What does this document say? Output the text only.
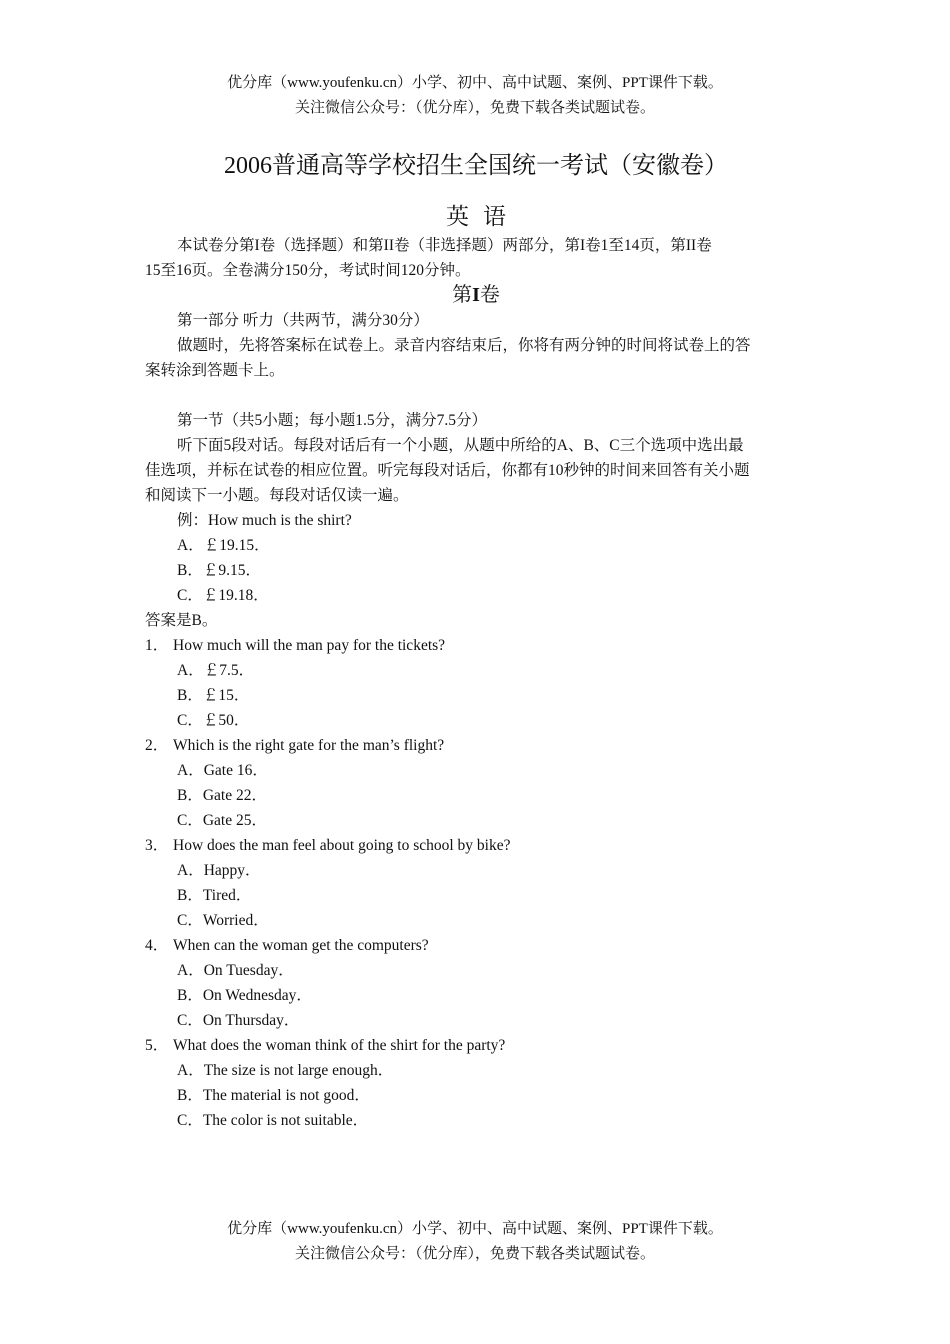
优分库（www.youfenku.cn）小学、初中、高中试题、案例、PPT课件下载。
关注微信公众号：（优分库），免费下载各类试题试卷。
2006普通高等学校招生全国统一考试（安徽卷）
英语
本试卷分第I卷（选择题）和第II卷（非选择题）两部分，第I卷1至14页，第II卷
15至16页。全卷满分150分，考试时间120分钟。
第I卷
第一部分 听力（共两节，满分30分）
做题时，先将答案标在试卷上。录音内容结束后，你将有两分钟的时间将试卷上的答
案转涂到答题卡上。
第一节（共5小题；每小题1.5分，满分7.5分）
听下面5段对话。每段对话后有一个小题，从题中所给的A、B、C三个选项中选出最
佳选项，并标在试卷的相应位置。听完每段对话后，你都有10秒钟的时间来回答有关小题
和阅读下一小题。每段对话仅读一遍。
例：How much is the shirt?
A．￡19.15．
B．￡9.15．
C．￡19.18．
答案是B。
1． How much will the man pay for the tickets?
A．￡7.5．
B．￡15．
C．￡50．
2． Which is the right gate for the man’s flight?
A．Gate 16．
B．Gate 22．
C．Gate 25．
3． How does the man feel about going to school by bike?
A．Happy．
B．Tired．
C．Worried．
4． When can the woman get the computers?
A．On Tuesday．
B．On Wednesday．
C．On Thursday．
5． What does the woman think of the shirt for the party?
A．The size is not large enough．
B．The material is not good．
C．The color is not suitable．
优分库（www.youfenku.cn）小学、初中、高中试题、案例、PPT课件下载。
关注微信公众号：（优分库），免费下载各类试题试卷。
